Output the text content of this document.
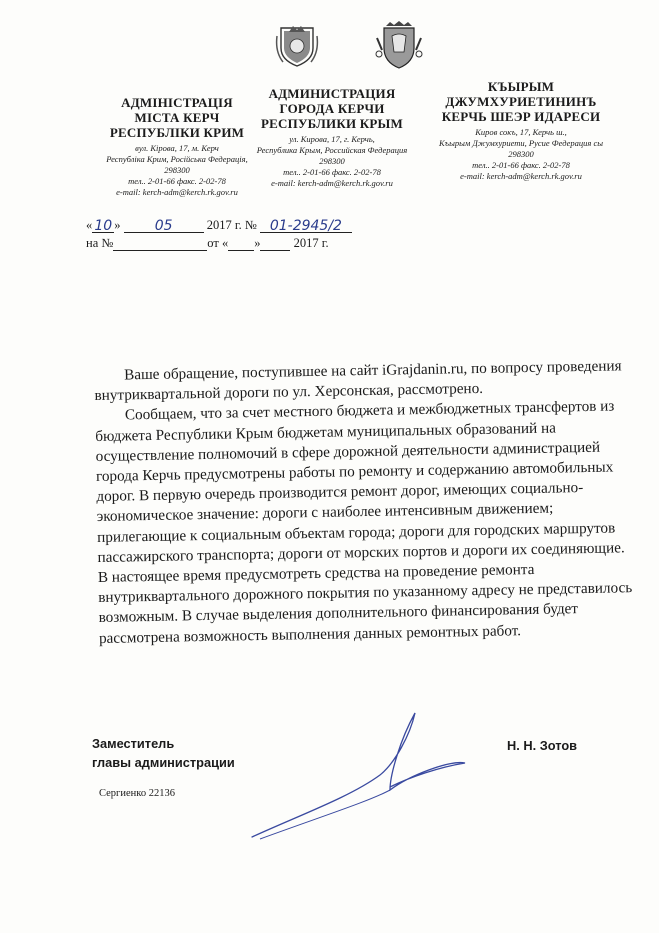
АДМІНІСТРАЦІЯ
МІСТА КЕРЧ
РЕСПУБЛІКИ КРИМ
вул. Кірова, 17, м. Керч
Республіка Крим, Російська Федерація,
298300
тел.. 2-01-66 факс. 2-02-78
e-mail: kerch-adm@kerch.rk.gov.ru
АДМИНИСТРАЦИЯ
ГОРОДА КЕРЧИ
РЕСПУБЛИКИ КРЫМ
ул. Кирова, 17, г. Керчь,
Республика Крым, Российская Федерация
298300
тел.. 2-01-66 факс. 2-02-78
e-mail: kerch-adm@kerch.rk.gov.ru
КЪЫРЫМ
ДЖУМХУРИЕТИНИНЪ
КЕРЧЬ ШЕЭР ИДАРЕСИ
Киров сокъ, 17, Керчь ш.,
Къырым Джумхуриети, Русие Федерация сы
298300
тел.. 2-01-66 факс. 2-02-78
e-mail: kerch-adm@kerch.rk.gov.ru
« 10 » 05	2017 г. № 01-2945/2
на №	от « »	2017 г.

Ваше обращение, поступившее на сайт iGrajdanin.ru, по вопросу проведения внутриквартальной дороги по ул. Херсонская, рассмотрено.

Сообщаем, что за счет местного бюджета и межбюджетных трансфертов из бюджета Республики Крым бюджетам муниципальных образований на осуществление полномочий в сфере дорожной деятельности администрацией города Керчь предусмотрены работы по ремонту и содержанию автомобильных дорог. В первую очередь производится ремонт дорог, имеющих социально-экономическое значение: дороги с наиболее интенсивным движением; прилегающие к социальным объектам города; дороги для городских маршрутов пассажирского транспорта; дороги от морских портов и дороги их соединяющие. В настоящее время предусмотреть средства на проведение ремонта внутриквартального дорожного покрытия по указанному адресу не представилось возможным. В случае выделения дополнительного финансирования будет рассмотрена возможность выполнения данных ремонтных работ.

Заместитель
главы администрации
Н. Н. Зотов
Сергиенко 22136
